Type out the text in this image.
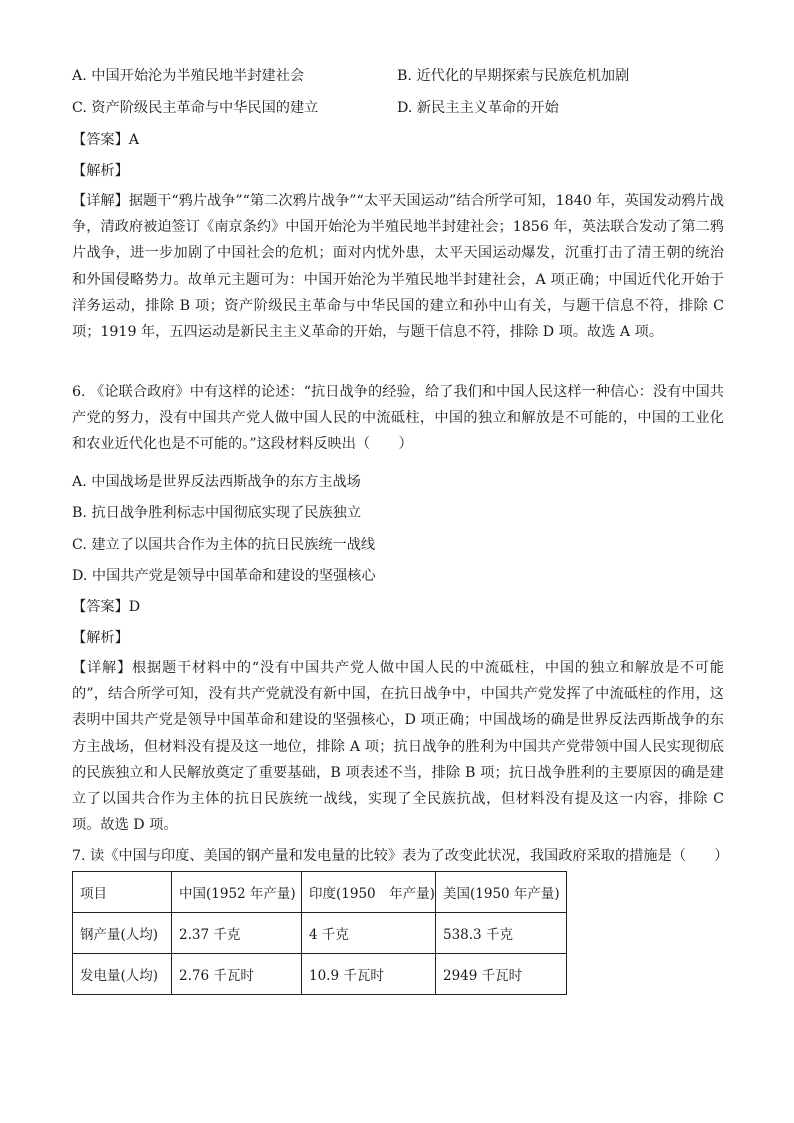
A. 中国开始沦为半殖民地半封建社会	B. 近代化的早期探索与民族危机加剧
C. 资产阶级民主革命与中华民国的建立	D. 新民主主义革命的开始
【答案】A
【解析】
【详解】据题干“鸦片战争”“第二次鸦片战争”“太平天国运动”结合所学可知，1840 年，英国发动鸦片战争，清政府被迫签订《南京条约》中国开始沦为半殖民地半封建社会；1856 年，英法联合发动了第二鸦片战争，进一步加剧了中国社会的危机；面对内忧外患，太平天国运动爆发，沉重打击了清王朝的统治和外国侵略势力。故单元主题可为：中国开始沦为半殖民地半封建社会，A 项正确；中国近代化开始于洋务运动，排除 B 项；资产阶级民主革命与中华民国的建立和孙中山有关，与题干信息不符，排除 C 项；1919 年，五四运动是新民主主义革命的开始，与题干信息不符，排除 D 项。故选 A 项。
6. 《论联合政府》中有这样的论述：“抗日战争的经验，给了我们和中国人民这样一种信心：没有中国共产党的努力，没有中国共产党人做中国人民的中流砥柱，中国的独立和解放是不可能的，中国的工业化和农业近代化也是不可能的。”这段材料反映出（　　）
A. 中国战场是世界反法西斯战争的东方主战场
B. 抗日战争胜利标志中国彻底实现了民族独立
C. 建立了以国共合作为主体的抗日民族统一战线
D. 中国共产党是领导中国革命和建设的坚强核心
【答案】D
【解析】
【详解】根据题干材料中的“没有中国共产党人做中国人民的中流砥柱，中国的独立和解放是不可能的”，结合所学可知，没有共产党就没有新中国，在抗日战争中，中国共产党发挥了中流砥柱的作用，这表明中国共产党是领导中国革命和建设的坚强核心，D 项正确；中国战场的确是世界反法西斯战争的东方主战场，但材料没有提及这一地位，排除 A 项；抗日战争的胜利为中国共产党带领中国人民实现彻底的民族独立和人民解放奠定了重要基础，B 项表述不当，排除 B 项；抗日战争胜利的主要原因的确是建立了以国共合作为主体的抗日民族统一战线，实现了全民族抗战，但材料没有提及这一内容，排除 C 项。故选 D 项。
7. 读《中国与印度、美国的钢产量和发电量的比较》表为了改变此状况，我国政府采取的措施是（　　）
项目	中国(1952 年产量)	印度(1950　年产量)	美国(1950 年产量)
钢产量(人均)	2.37 千克	4 千克	538.3 千克
发电量(人均)	2.76 千瓦时	10.9 千瓦时	2949 千瓦时
